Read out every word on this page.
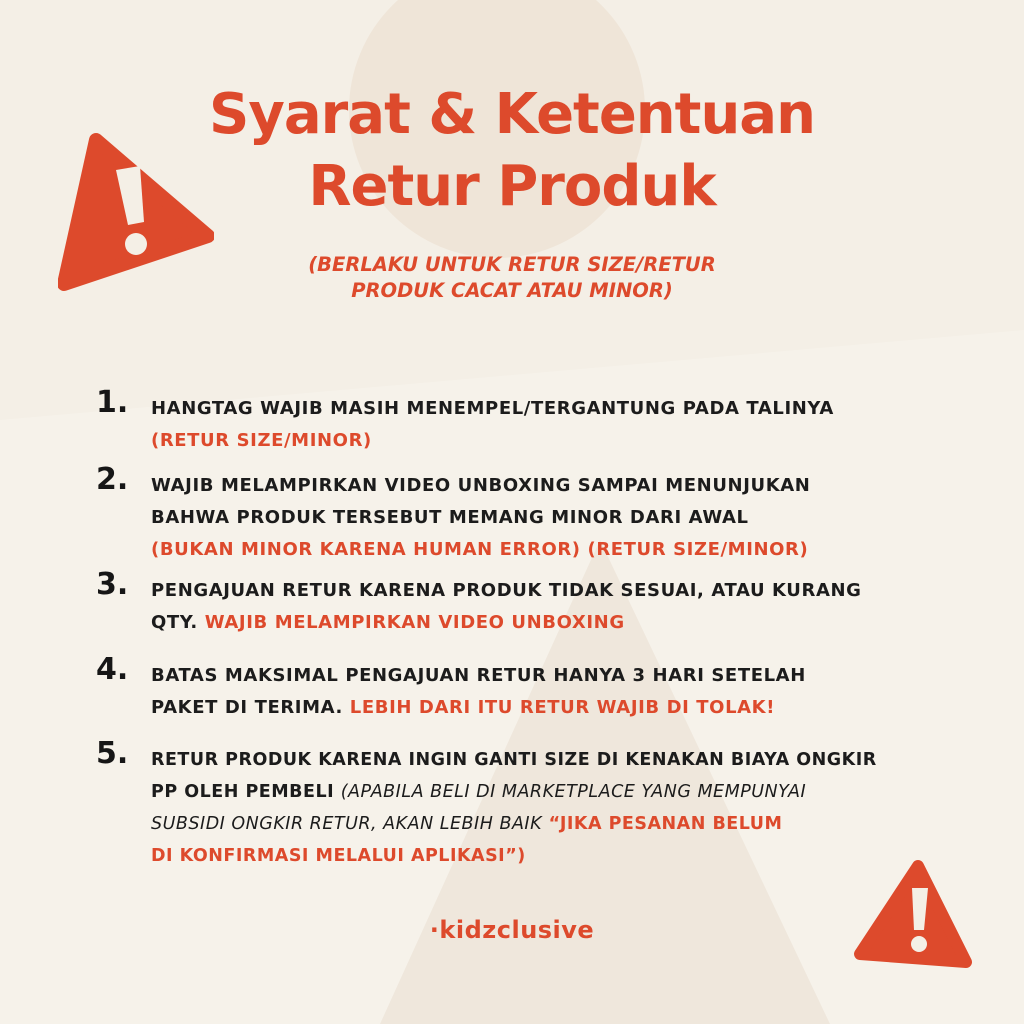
Syarat & Ketentuan
Retur Produk
(BERLAKU UNTUK RETUR SIZE/RETUR
PRODUK CACAT ATAU MINOR)
1. HANGTAG WAJIB MASIH MENEMPEL/TERGANTUNG PADA TALINYA
(RETUR SIZE/MINOR)
2. WAJIB MELAMPIRKAN VIDEO UNBOXING SAMPAI MENUNJUKAN
BAHWA PRODUK TERSEBUT MEMANG MINOR DARI AWAL
(BUKAN MINOR KARENA HUMAN ERROR) (RETUR SIZE/MINOR)
3. PENGAJUAN RETUR KARENA PRODUK TIDAK SESUAI, ATAU KURANG
QTY. WAJIB MELAMPIRKAN VIDEO UNBOXING
4. BATAS MAKSIMAL PENGAJUAN RETUR HANYA 3 HARI SETELAH
PAKET DI TERIMA. LEBIH DARI ITU RETUR WAJIB DI TOLAK!
5. RETUR PRODUK KARENA INGIN GANTI SIZE DI KENAKAN BIAYA ONGKIR
PP OLEH PEMBELI (APABILA BELI DI MARKETPLACE YANG MEMPUNYAI
SUBSIDI ONGKIR RETUR, AKAN LEBIH BAIK “JIKA PESANAN BELUM
DI KONFIRMASI MELALUI APLIKASI”)
·kidzclusive
